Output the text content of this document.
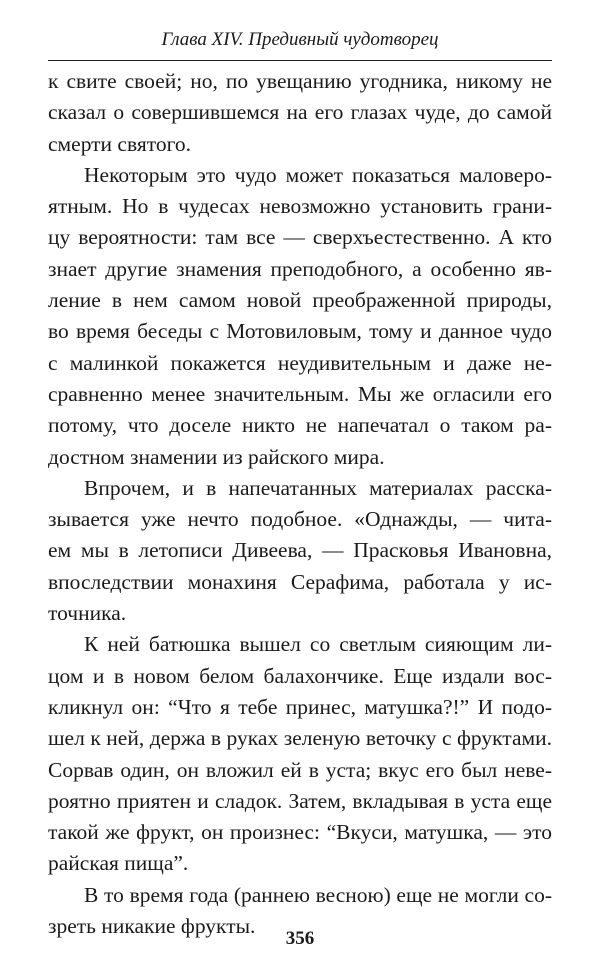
Глава XIV. Предивный чудотворец
к свите своей; но, по увещанию угодника, никому не
сказал о совершившемся на его глазах чуде, до самой
смерти святого.
Некоторым это чудо может показаться маловеро-
ятным. Но в чудесах невозможно установить грани-
цу вероятности: там все — сверхъестественно. А кто
знает другие знамения преподобного, а особенно яв-
ление в нем самом новой преображенной природы,
во время беседы с Мотовиловым, тому и данное чудо
с малинкой покажется неудивительным и даже не-
сравненно менее значительным. Мы же огласили его
потому, что доселе никто не напечатал о таком ра-
достном знамении из райского мира.
Впрочем, и в напечатанных материалах расска-
зывается уже нечто подобное. «Однажды, — чита-
ем мы в летописи Дивеева, — Прасковья Ивановна,
впоследствии монахиня Серафима, работала у ис-
точника.
К ней батюшка вышел со светлым сияющим ли-
цом и в новом белом балахончике. Еще издали вос-
кликнул он: “Что я тебе принес, матушка?!” И подо-
шел к ней, держа в руках зеленую веточку с фруктами.
Сорвав один, он вложил ей в уста; вкус его был неве-
роятно приятен и сладок. Затем, вкладывая в уста еще
такой же фрукт, он произнес: “Вкуси, матушка, — это
райская пища”.
В то время года (раннею весною) еще не могли со-
зреть никакие фрукты.
356
